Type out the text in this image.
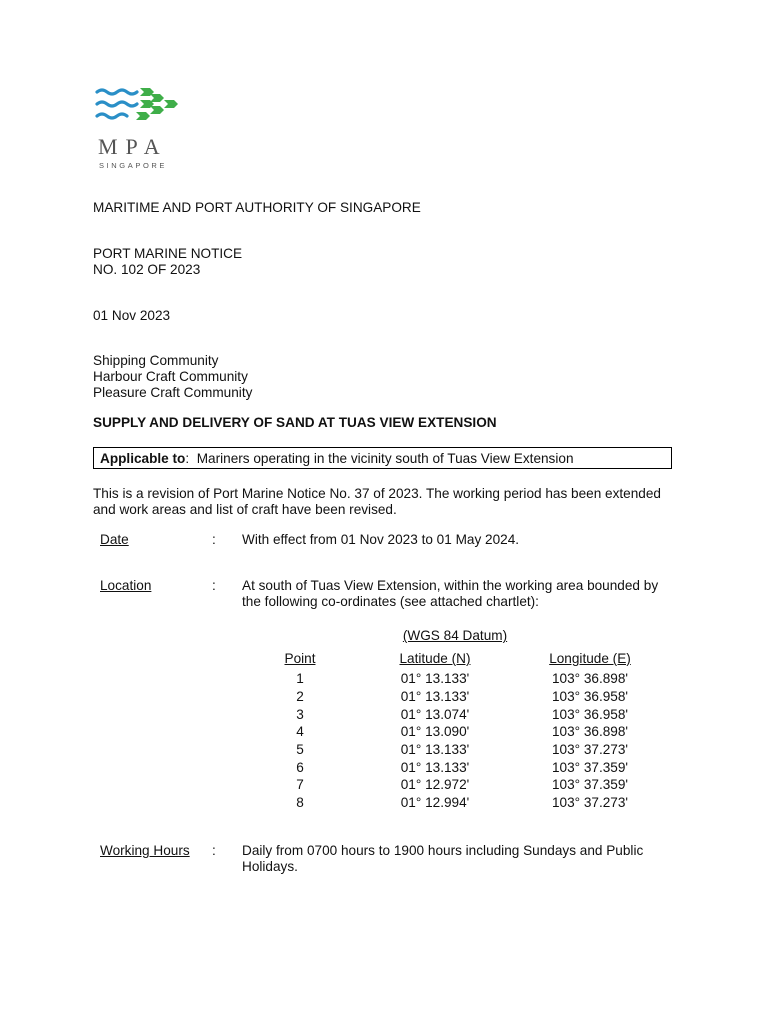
MPA
SINGAPORE
MARITIME AND PORT AUTHORITY OF SINGAPORE
PORT MARINE NOTICE
NO. 102 OF 2023
01 Nov 2023
Shipping Community
Harbour Craft Community
Pleasure Craft Community
SUPPLY AND DELIVERY OF SAND AT TUAS VIEW EXTENSION
Applicable to:  Mariners operating in the vicinity south of Tuas View Extension
This is a revision of Port Marine Notice No. 37 of 2023. The working period has been extended and work areas and list of craft have been revised.
Date	: With effect from 01 Nov 2023 to 01 May 2024.
Location	: At south of Tuas View Extension, within the working area bounded by the following co-ordinates (see attached chartlet):
(WGS 84 Datum)
Point	Latitude (N)	Longitude (E)
1	01° 13.133'	103° 36.898'
2	01° 13.133'	103° 36.958'
3	01° 13.074'	103° 36.958'
4	01° 13.090'	103° 36.898'
5	01° 13.133'	103° 37.273'
6	01° 13.133'	103° 37.359'
7	01° 12.972'	103° 37.359'
8	01° 12.994'	103° 37.273'
Working Hours : Daily from 0700 hours to 1900 hours including Sundays and Public Holidays.
